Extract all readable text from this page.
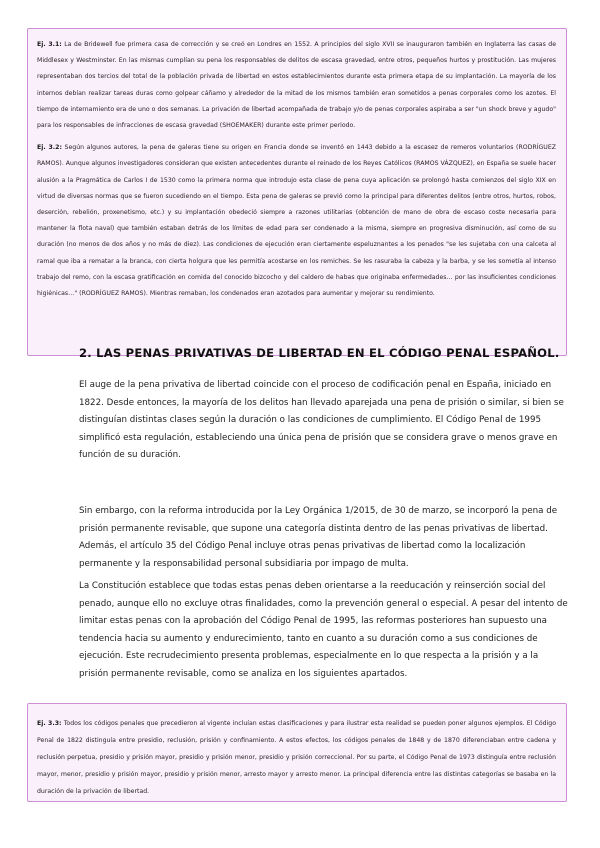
Ej. 3.1: La de Bridewell fue primera casa de corrección y se creó en Londres en 1552. A principios del siglo XVII se inauguraron también en Inglaterra las casas de Middlesex y Westminster. En las mismas cumplían su pena los responsables de delitos de escasa gravedad, entre otros, pequeños hurtos y prostitución. Las mujeres representaban dos tercios del total de la población privada de libertad en estos establecimientos durante esta primera etapa de su implantación. La mayoría de los internos debían realizar tareas duras como golpear cáñamo y alrededor de la mitad de los mismos también eran sometidos a penas corporales como los azotes. El tiempo de internamiento era de uno o dos semanas. La privación de libertad acompañada de trabajo y/o de penas corporales aspiraba a ser "un shock breve y agudo" para los responsables de infracciones de escasa gravedad (SHOEMAKER) durante este primer periodo.

Ej. 3.2: Según algunos autores, la pena de galeras tiene su origen en Francia donde se inventó en 1443 debido a la escasez de remeros voluntarios (RODRÍGUEZ RAMOS). Aunque algunos investigadores consideran que existen antecedentes durante el reinado de los Reyes Católicos (RAMOS VÁZQUEZ), en España se suele hacer alusión a la Pragmática de Carlos I de 1530 como la primera norma que introdujo esta clase de pena cuya aplicación se prolongó hasta comienzos del siglo XIX en virtud de diversas normas que se fueron sucediendo en el tiempo. Esta pena de galeras se previó como la principal para diferentes delitos (entre otros, hurtos, robos, deserción, rebelión, proxenetismo, etc.) y su implantación obedeció siempre a razones utilitarias (obtención de mano de obra de escaso coste necesaria para mantener la flota naval) que también estaban detrás de los límites de edad para ser condenado a la misma, siempre en progresiva disminución, así como de su duración (no menos de dos años y no más de diez). Las condiciones de ejecución eran ciertamente espeluznantes a los penados "se les sujetaba con una calceta al ramal que iba a rematar a la branca, con cierta holgura que les permitía acostarse en los remiches. Se les rasuraba la cabeza y la barba, y se les sometía al intenso trabajo del remo, con la escasa gratificación en comida del conocido bizcocho y del caldero de habas que originaba enfermedades… por las insuficientes condiciones higiénicas…" (RODRÍGUEZ RAMOS). Mientras remaban, los condenados eran azotados para aumentar y mejorar su rendimiento.

2. LAS PENAS PRIVATIVAS DE LIBERTAD EN EL CÓDIGO PENAL ESPAÑOL.

El auge de la pena privativa de libertad coincide con el proceso de codificación penal en España, iniciado en 1822. Desde entonces, la mayoría de los delitos han llevado aparejada una pena de prisión o similar, si bien se distinguían distintas clases según la duración o las condiciones de cumplimiento. El Código Penal de 1995 simplificó esta regulación, estableciendo una única pena de prisión que se considera grave o menos grave en función de su duración.

Sin embargo, con la reforma introducida por la Ley Orgánica 1/2015, de 30 de marzo, se incorporó la pena de prisión permanente revisable, que supone una categoría distinta dentro de las penas privativas de libertad. Además, el artículo 35 del Código Penal incluye otras penas privativas de libertad como la localización permanente y la responsabilidad personal subsidiaria por impago de multa.

La Constitución establece que todas estas penas deben orientarse a la reeducación y reinserción social del penado, aunque ello no excluye otras finalidades, como la prevención general o especial. A pesar del intento de limitar estas penas con la aprobación del Código Penal de 1995, las reformas posteriores han supuesto una tendencia hacia su aumento y endurecimiento, tanto en cuanto a su duración como a sus condiciones de ejecución. Este recrudecimiento presenta problemas, especialmente en lo que respecta a la prisión y a la prisión permanente revisable, como se analiza en los siguientes apartados.

Ej. 3.3: Todos los códigos penales que precedieron al vigente incluían estas clasificaciones y para ilustrar esta realidad se pueden poner algunos ejemplos. El Código Penal de 1822 distinguía entre presidio, reclusión, prisión y confinamiento. A estos efectos, los códigos penales de 1848 y de 1870 diferenciaban entre cadena y reclusión perpetua, presidio y prisión mayor, presidio y prisión menor, presidio y prisión correccional. Por su parte, el Código Penal de 1973 distinguía entre reclusión mayor, menor, presidio y prisión mayor, presidio y prisión menor, arresto mayor y arresto menor. La principal diferencia entre las distintas categorías se basaba en la duración de la privación de libertad.
